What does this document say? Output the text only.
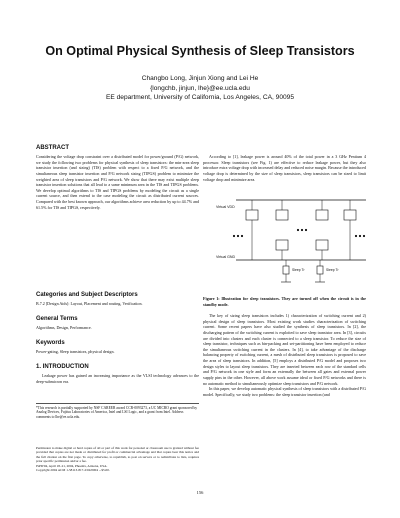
On Optimal Physical Synthesis of Sleep Transistors
Changbo Long, Jinjun Xiong and Lei He
{longchb, jinjun, lhe}@ee.ucla.edu
EE department, University of California, Los Angeles, CA, 90095
ABSTRACT

Considering the voltage drop constraint over a distributed model for power/ground (P/G) network, we study the following two problems for physical synthesis of sleep transistors: the min-area sleep transistor insertion (and sizing) (TIS) problem with respect to a fixed P/G network, and the simultaneous sleep transistor insertion and P/G network sizing (TIPGS) problem to minimize the weighted area of sleep transistors and P/G network. We show that there may exist multiple sleep transistor insertion solutions that all lead to a same minimum area in the TIS and TIPGS problems. We develop optimal algorithms to TIS and TIPGS problems by modeling the circuit as a single current source, and then extend to the case modeling the circuit as distributed current sources. Compared with the best known approach, our algorithms achieve area reduction by up to 44.7% and 61.5% for TIS and TIPGS, respectively.

Categories and Subject Descriptors

B.7.2 [Design Aids]: Layout, Placement and routing, Verification.

General Terms

Algorithms, Design, Performance.

Keywords

Power-gating, Sleep transistors, physical design.

1. INTRODUCTION

Leakage power has gained an increasing importance as the VLSI technology advances to the deep-submicron era.

*This research is partially supported by NSF CAREER award CCR-0093273, a UC MICRO grant sponsored by Analog Devices, Fujitsu Laboratories of America, Intel and LSI Logic, and a grant from Intel. Address comments to lhe@ee.ucla.edu.

Permission to make digital or hard copies of all or part of this work for personal or classroom use is granted without fee provided that copies are not made or distributed for profit or commercial advantage and that copies bear this notice and the full citation on the first page. To copy otherwise, to republish, to post on servers or to redistribute to lists, requires prior specific permission and/or a fee.

ISPD'04, April 18–21, 2004, Phoenix, Arizona, USA.

Copyright 2004 ACM 1-58113-817-2/04/0004 ...$5.00.

According to [1], leakage power is around 40% of the total power in a 3 GHz Pentium 4 processor. Sleep transistors (see Fig. 1) are effective to reduce leakage power, but they also introduce extra voltage drop with increased delay and reduced noise margin. Because the introduced voltage drop is determined by the size of sleep transistors, sleep transistors can be sized to limit voltage drop and minimize area.

Virtual VDD
Virtual GND
Sleep Tr	Sleep Tr
Figure 1: Illustration for sleep transistors. They are turned off when the circuit is in the standby mode.

The key of sizing sleep transistors includes 1) characterization of switching current and 2) physical design of sleep transistors. Most existing work studies characterization of switching current. Some recent papers have also studied the synthesis of sleep transistors. In [2], the discharging pattern of the switching current is exploited to save sleep transistor area. In [3], circuits are divided into clusters and each cluster is connected to a sleep transistor. To reduce the size of sleep transistor, techniques such as bin-packing and set-partitioning have been employed to reduce the simultaneous switching current in the clusters. In [4], to take advantage of the discharge balancing property of switching current, a mesh of distributed sleep transistors is proposed to save the area of sleep transistors. In addition, [5] employs a distributed P/G model and proposes two design styles to layout sleep transistors. They are inserted between each row of the standard cells and P/G network in one style and form an externally the between all gates and external power supply pins in the other. However, all above work assume ideal or fixed P/G networks and there is no automatic method to simultaneously optimize sleep transistors and P/G network.

In this paper, we develop automatic physical synthesis of sleep transistors with a distributed P/G model. Specifically, we study two problems: the sleep transistor insertion (and

156
